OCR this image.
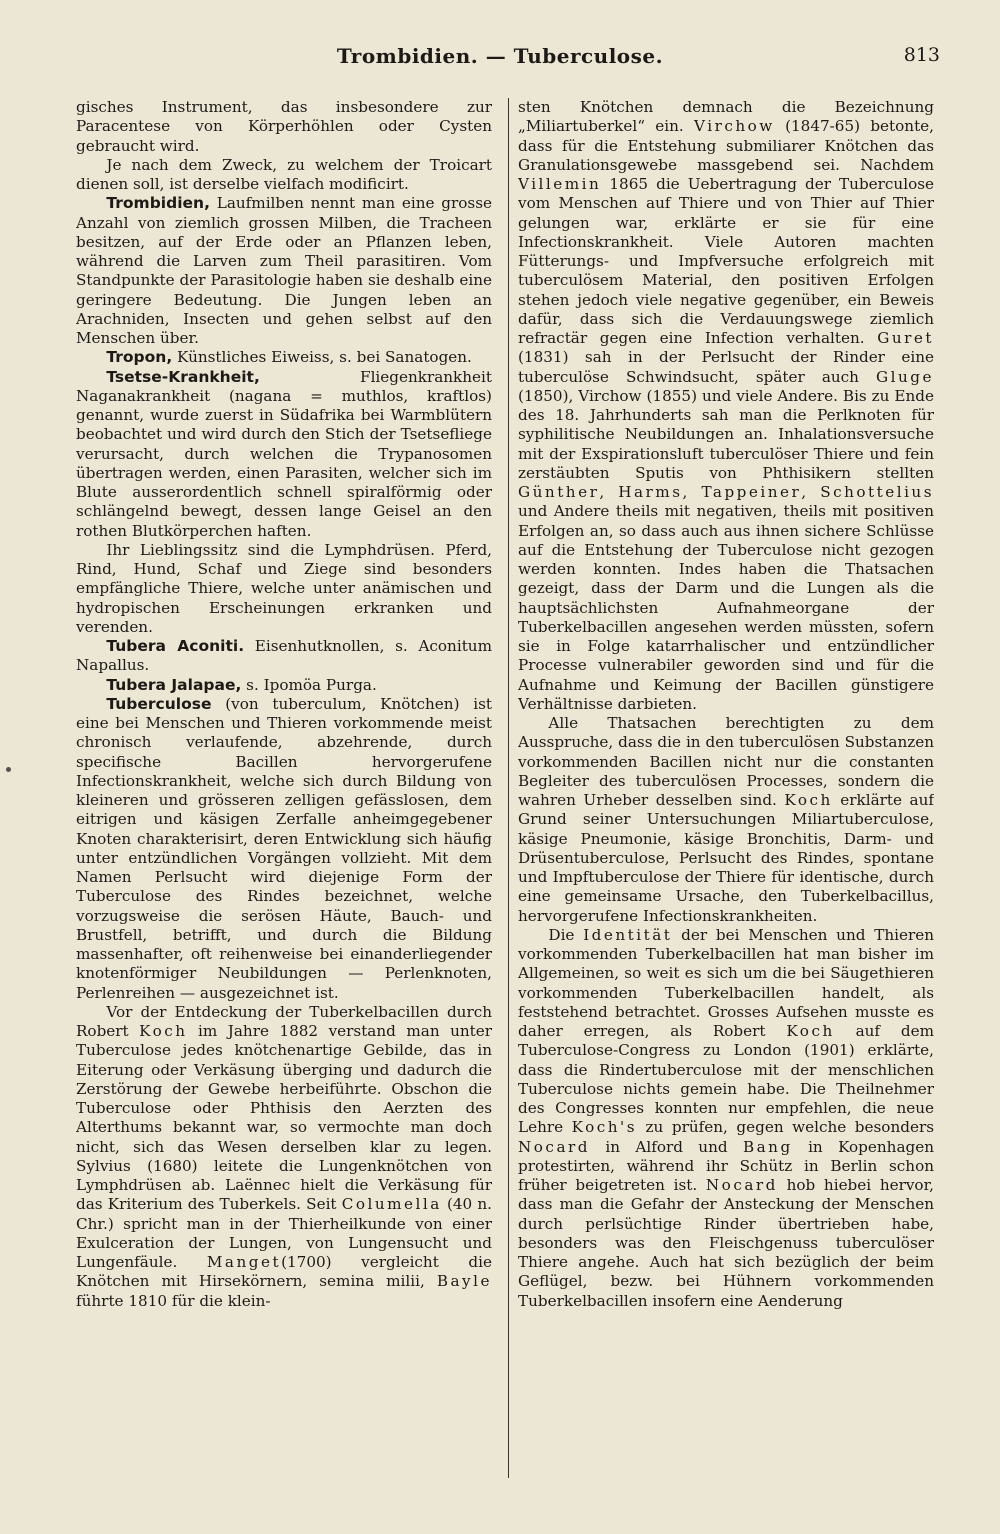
Trombidien. — Tuberculose.	813

gisches Instrument, das insbesondere zur Paracentese von Körperhöhlen oder Cysten gebraucht wird.

Je nach dem Zweck, zu welchem der Troicart dienen soll, ist derselbe vielfach modificirt.

Trombidien, Laufmilben nennt man eine grosse Anzahl von ziemlich grossen Milben, die Tracheen besitzen, auf der Erde oder an Pflanzen leben, während die Larven zum Theil parasitiren. Vom Standpunkte der Parasitologie haben sie deshalb eine geringere Bedeutung. Die Jungen leben an Arachniden, Insecten und gehen selbst auf den Menschen über.

Tropon, Künstliches Eiweiss, s. bei Sanatogen.

Tsetse-Krankheit, Fliegenkrankheit Naganakrankheit (nagana = muthlos, kraftlos) genannt, wurde zuerst in Südafrika bei Warmblütern beobachtet und wird durch den Stich der Tsetsefliege verursacht, durch welchen die Trypanosomen übertragen werden, einen Parasiten, welcher sich im Blute ausserordentlich schnell spiralförmig oder schlängelnd bewegt, dessen lange Geisel an den rothen Blutkörperchen haften.

Ihr Lieblingssitz sind die Lymphdrüsen. Pferd, Rind, Hund, Schaf und Ziege sind besonders empfängliche Thiere, welche unter anämischen und hydropischen Erscheinungen erkranken und verenden.

Tubera Aconiti. Eisenhutknollen, s. Aconitum Napallus.

Tubera Jalapae, s. Ipomöa Purga.

Tuberculose (von tuberculum, Knötchen) ist eine bei Menschen und Thieren vorkommende meist chronisch verlaufende, abzehrende, durch specifische Bacillen hervorgerufene Infectionskrankheit, welche sich durch Bildung von kleineren und grösseren zelligen gefässlosen, dem eitrigen und käsigen Zerfalle anheimgegebener Knoten charakterisirt, deren Entwicklung sich häufig unter entzündlichen Vorgängen vollzieht. Mit dem Namen Perlsucht wird diejenige Form der Tuberculose des Rindes bezeichnet, welche vorzugsweise die serösen Häute, Bauch- und Brustfell, betrifft, und durch die Bildung massenhafter, oft reihenweise bei einanderliegender knotenförmiger Neubildungen — Perlenknoten, Perlenreihen — ausgezeichnet ist.

Vor der Entdeckung der Tuberkelbacillen durch Robert Koch im Jahre 1882 verstand man unter Tuberculose jedes knötchenartige Gebilde, das in Eiterung oder Verkäsung überging und dadurch die Zerstörung der Gewebe herbeiführte. Obschon die Tuberculose oder Phthisis den Aerzten des Alterthums bekannt war, so vermochte man doch nicht, sich das Wesen derselben klar zu legen. Sylvius (1680) leitete die Lungenknötchen von Lymphdrüsen ab. Laënnec hielt die Verkäsung für das Kriterium des Tuberkels. Seit Columella (40 n. Chr.) spricht man in der Thierheilkunde von einer Exulceration der Lungen, von Lungensucht und Lungenfäule. Manget(1700) vergleicht die Knötchen mit Hirsekörnern, semina milii, Bayle führte 1810 für die klein-

sten Knötchen demnach die Bezeichnung „Miliartuberkel“ ein. Virchow (1847-65) betonte, dass für die Entstehung submiliarer Knötchen das Granulationsgewebe massgebend sei. Nachdem Villemin 1865 die Uebertragung der Tuberculose vom Menschen auf Thiere und von Thier auf Thier gelungen war, erklärte er sie für eine Infectionskrankheit. Viele Autoren machten Fütterungs- und Impfversuche erfolgreich mit tuberculösem Material, den positiven Erfolgen stehen jedoch viele negative gegenüber, ein Beweis dafür, dass sich die Verdauungswege ziemlich refractär gegen eine Infection verhalten. Guret (1831) sah in der Perlsucht der Rinder eine tuberculöse Schwindsucht, später auch Gluge (1850), Virchow (1855) und viele Andere. Bis zu Ende des 18. Jahrhunderts sah man die Perlknoten für syphilitische Neubildungen an. Inhalationsversuche mit der Exspirationsluft tuberculöser Thiere und fein zerstäubten Sputis von Phthisikern stellten Günther, Harms, Tappeiner, Schottelius und Andere theils mit negativen, theils mit positiven Erfolgen an, so dass auch aus ihnen sichere Schlüsse auf die Entstehung der Tuberculose nicht gezogen werden konnten. Indes haben die Thatsachen gezeigt, dass der Darm und die Lungen als die hauptsächlichsten Aufnahmeorgane der Tuberkelbacillen angesehen werden müssten, sofern sie in Folge katarrhalischer und entzündlicher Processe vulnerabiler geworden sind und für die Aufnahme und Keimung der Bacillen günstigere Verhältnisse darbieten.

Alle Thatsachen berechtigten zu dem Ausspruche, dass die in den tuberculösen Substanzen vorkommenden Bacillen nicht nur die constanten Begleiter des tuberculösen Processes, sondern die wahren Urheber desselben sind. Koch erklärte auf Grund seiner Untersuchungen Miliartuberculose, käsige Pneumonie, käsige Bronchitis, Darm- und Drüsentuberculose, Perlsucht des Rindes, spontane und Impftuberculose der Thiere für identische, durch eine gemeinsame Ursache, den Tuberkelbacillus, hervorgerufene Infectionskrankheiten.

Die Identität der bei Menschen und Thieren vorkommenden Tuberkelbacillen hat man bisher im Allgemeinen, so weit es sich um die bei Säugethieren vorkommenden Tuberkelbacillen handelt, als feststehend betrachtet. Grosses Aufsehen musste es daher erregen, als Robert Koch auf dem Tuberculose-Congress zu London (1901) erklärte, dass die Rindertuberculose mit der menschlichen Tuberculose nichts gemein habe. Die Theilnehmer des Congresses konnten nur empfehlen, die neue Lehre Koch's zu prüfen, gegen welche besonders Nocard in Alford und Bang in Kopenhagen protestirten, während ihr Schütz in Berlin schon früher beigetreten ist. Nocard hob hiebei hervor, dass man die Gefahr der Ansteckung der Menschen durch perlsüchtige Rinder übertrieben habe, besonders was den Fleischgenuss tuberculöser Thiere angehe. Auch hat sich bezüglich der beim Geflügel, bezw. bei Hühnern vorkommenden Tuberkelbacillen insofern eine Aenderung
